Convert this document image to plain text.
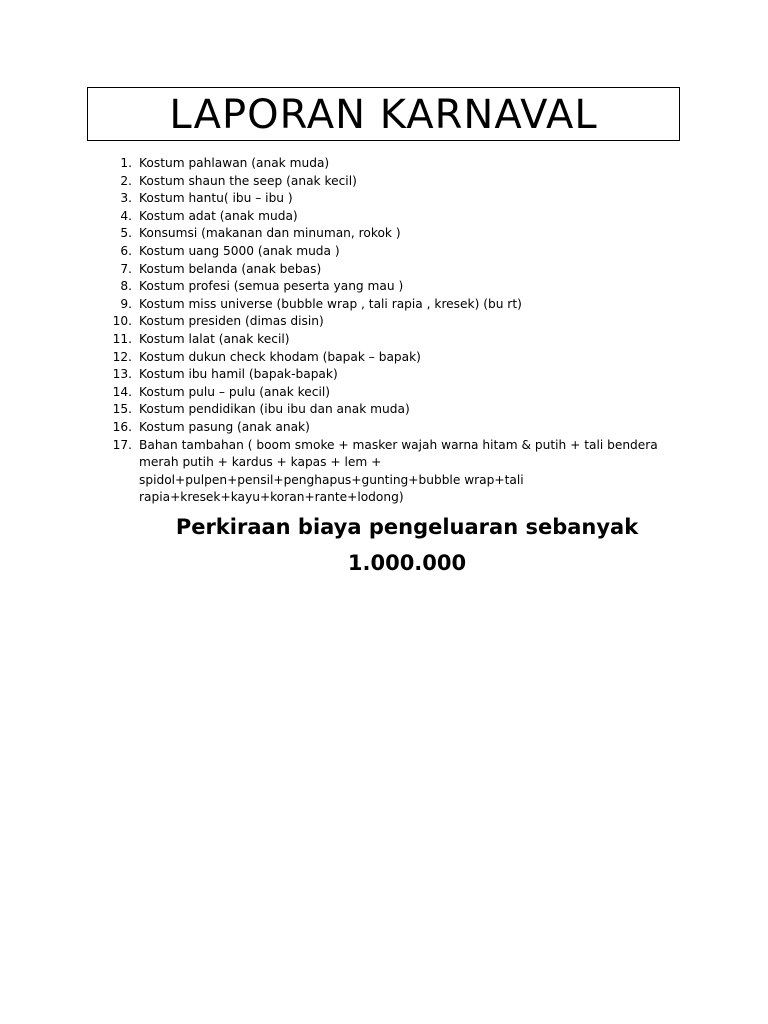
LAPORAN KARNAVAL
1. Kostum pahlawan (anak muda)
2. Kostum shaun the seep (anak kecil)
3. Kostum hantu( ibu – ibu )
4. Kostum adat (anak muda)
5. Konsumsi (makanan dan minuman, rokok )
6. Kostum uang 5000 (anak muda )
7. Kostum belanda (anak bebas)
8. Kostum profesi (semua peserta yang mau )
9. Kostum miss universe (bubble wrap , tali rapia , kresek) (bu rt)
10. Kostum presiden (dimas disin)
11. Kostum lalat (anak kecil)
12. Kostum dukun check khodam (bapak – bapak)
13. Kostum ibu hamil (bapak-bapak)
14. Kostum pulu – pulu (anak kecil)
15. Kostum pendidikan (ibu ibu dan anak muda)
16. Kostum pasung (anak anak)
17. Bahan tambahan ( boom smoke + masker wajah warna hitam & putih + tali bendera merah putih + kardus + kapas + lem + spidol+pulpen+pensil+penghapus+gunting+bubble wrap+tali rapia+kresek+kayu+koran+rante+lodong)
Perkiraan biaya pengeluaran sebanyak
1.000.000
